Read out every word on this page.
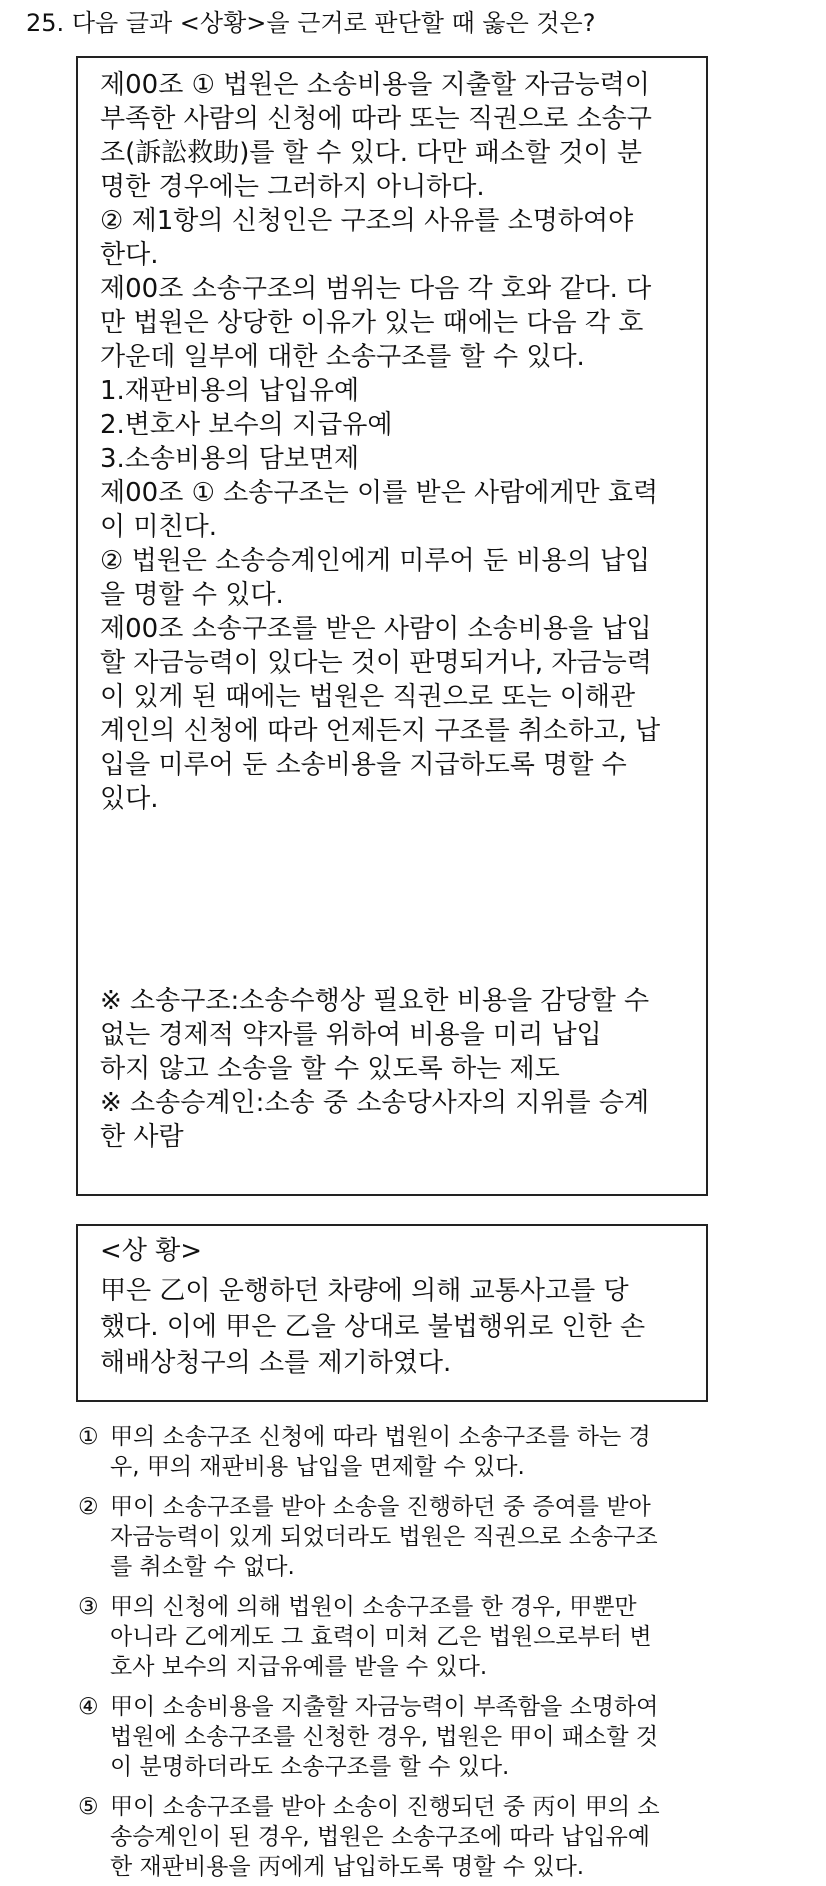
25. 다음 글과 <상황>을 근거로 판단할 때 옳은 것은?
제00조 ① 법원은 소송비용을 지출할 자금능력이
부족한 사람의 신청에 따라 또는 직권으로 소송구
조(訴訟救助)를 할 수 있다. 다만 패소할 것이 분
명한 경우에는 그러하지 아니하다.
② 제1항의 신청인은 구조의 사유를 소명하여야
한다.
제00조 소송구조의 범위는 다음 각 호와 같다. 다
만 법원은 상당한 이유가 있는 때에는 다음 각 호
가운데 일부에 대한 소송구조를 할 수 있다.
1.재판비용의 납입유예
2.변호사 보수의 지급유예
3.소송비용의 담보면제
제00조 ① 소송구조는 이를 받은 사람에게만 효력
이 미친다.
② 법원은 소송승계인에게 미루어 둔 비용의 납입
을 명할 수 있다.
제00조 소송구조를 받은 사람이 소송비용을 납입
할 자금능력이 있다는 것이 판명되거나, 자금능력
이 있게 된 때에는 법원은 직권으로 또는 이해관
계인의 신청에 따라 언제든지 구조를 취소하고, 납
입을 미루어 둔 소송비용을 지급하도록 명할 수
있다.
※ 소송구조:소송수행상 필요한 비용을 감당할 수
없는 경제적 약자를 위하여 비용을 미리 납입
하지 않고 소송을 할 수 있도록 하는 제도
※ 소송승계인:소송 중 소송당사자의 지위를 승계
한 사람
<상 황>
甲은 乙이 운행하던 차량에 의해 교통사고를 당
했다. 이에 甲은 乙을 상대로 불법행위로 인한 손
해배상청구의 소를 제기하였다.
① 甲의 소송구조 신청에 따라 법원이 소송구조를 하는 경
우, 甲의 재판비용 납입을 면제할 수 있다.
② 甲이 소송구조를 받아 소송을 진행하던 중 증여를 받아
자금능력이 있게 되었더라도 법원은 직권으로 소송구조
를 취소할 수 없다.
③ 甲의 신청에 의해 법원이 소송구조를 한 경우, 甲뿐만
아니라 乙에게도 그 효력이 미쳐 乙은 법원으로부터 변
호사 보수의 지급유예를 받을 수 있다.
④ 甲이 소송비용을 지출할 자금능력이 부족함을 소명하여
법원에 소송구조를 신청한 경우, 법원은 甲이 패소할 것
이 분명하더라도 소송구조를 할 수 있다.
⑤ 甲이 소송구조를 받아 소송이 진행되던 중 丙이 甲의 소
송승계인이 된 경우, 법원은 소송구조에 따라 납입유예
한 재판비용을 丙에게 납입하도록 명할 수 있다.
